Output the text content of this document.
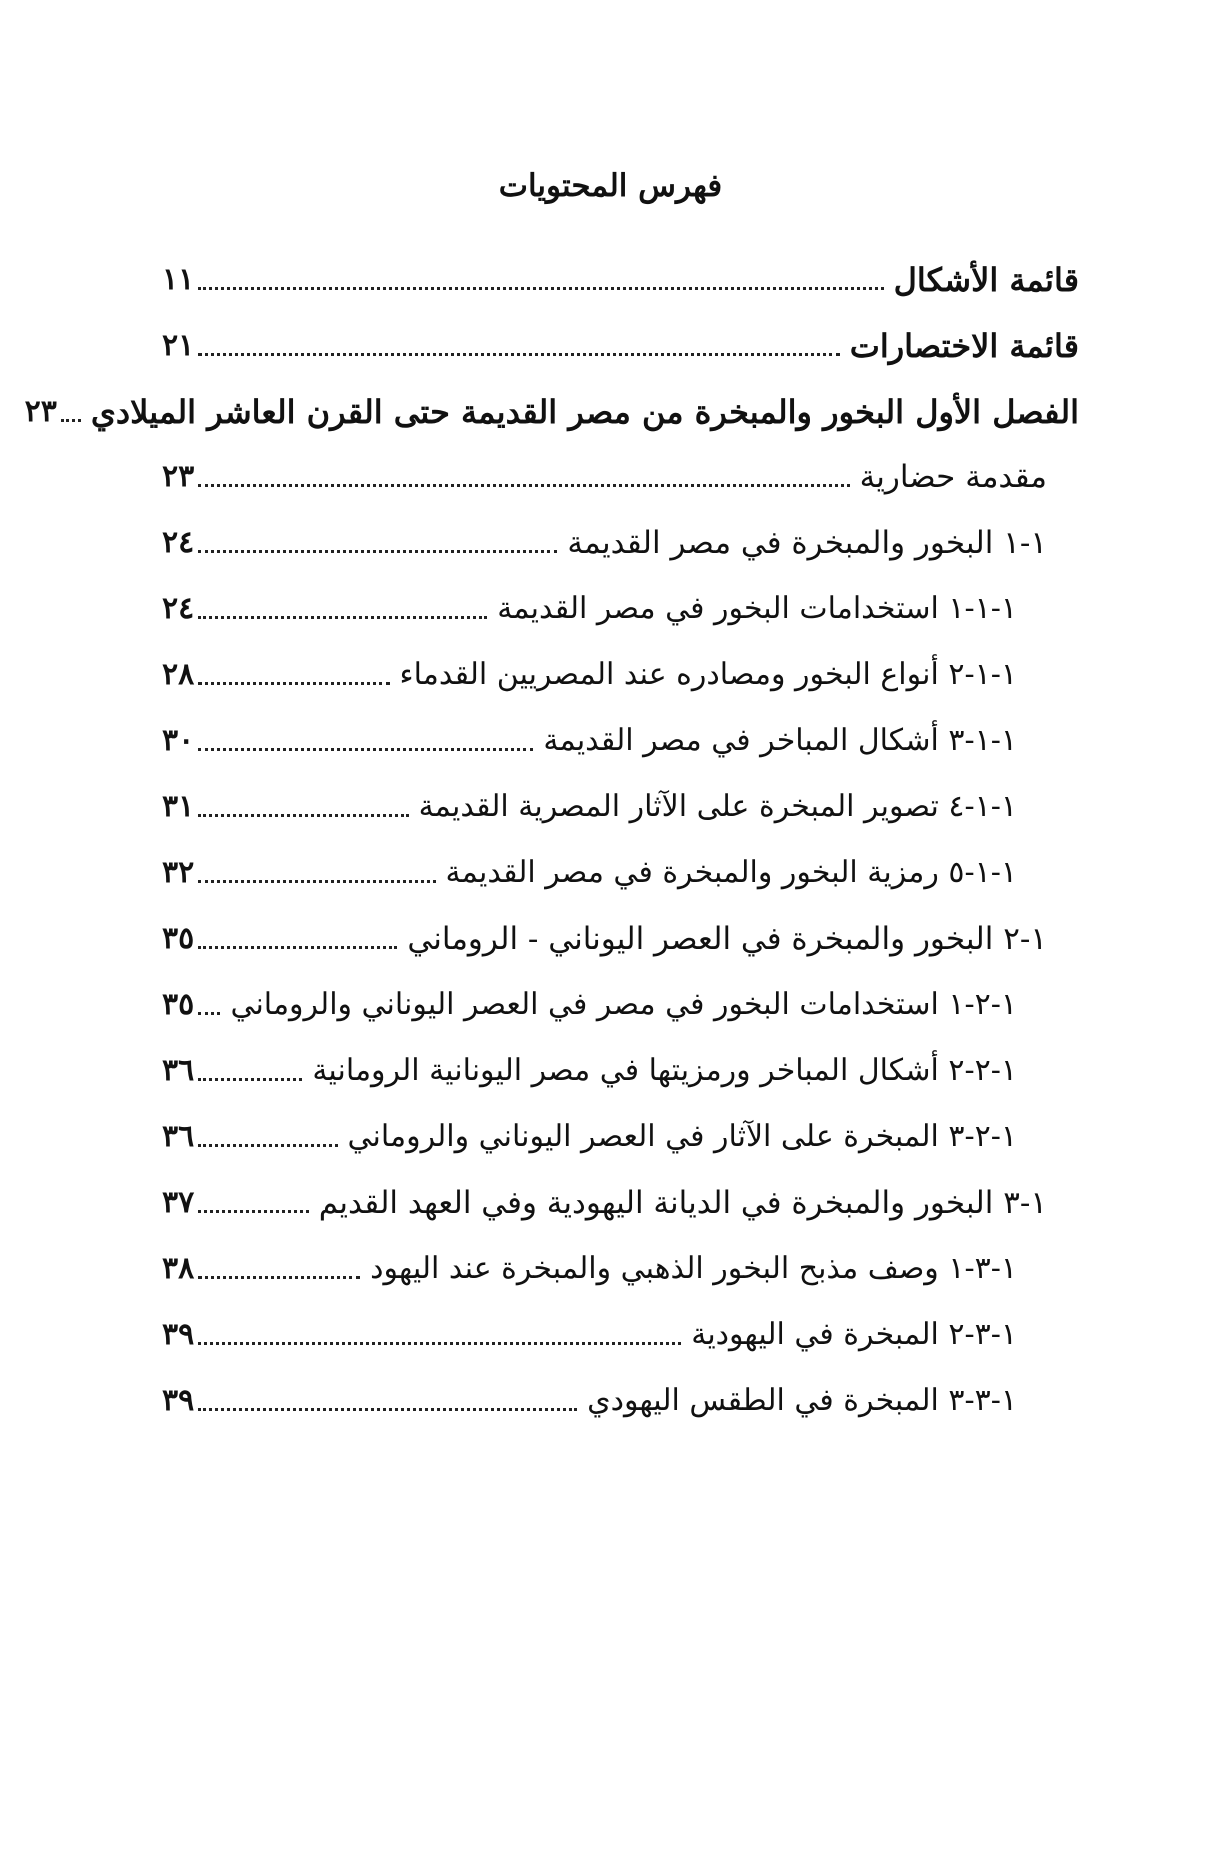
فهرس المحتويات
قائمة الأشكال
١١
قائمة الاختصارات
٢١
الفصل الأول البخور والمبخرة من مصر القديمة حتى القرن العاشر الميلادي
٢٣
مقدمة حضارية
٢٣
١-١ البخور والمبخرة في مصر القديمة
٢٤
١-١-١ استخدامات البخور في مصر القديمة
٢٤
١-١-٢ أنواع البخور ومصادره عند المصريين القدماء
٢٨
١-١-٣ أشكال المباخر في مصر القديمة
٣٠
١-١-٤ تصوير المبخرة على الآثار المصرية القديمة
٣١
١-١-٥ رمزية البخور والمبخرة في مصر القديمة
٣٢
١-٢ البخور والمبخرة في العصر اليوناني - الروماني
٣٥
١-٢-١ استخدامات البخور في مصر في العصر اليوناني والروماني
٣٥
١-٢-٢ أشكال المباخر ورمزيتها في مصر اليونانية الرومانية
٣٦
١-٢-٣ المبخرة على الآثار في العصر اليوناني والروماني
٣٦
١-٣ البخور والمبخرة في الديانة اليهودية وفي العهد القديم
٣٧
١-٣-١ وصف مذبح البخور الذهبي والمبخرة عند اليهود
٣٨
١-٣-٢ المبخرة في اليهودية
٣٩
١-٣-٣ المبخرة في الطقس اليهودي
٣٩
